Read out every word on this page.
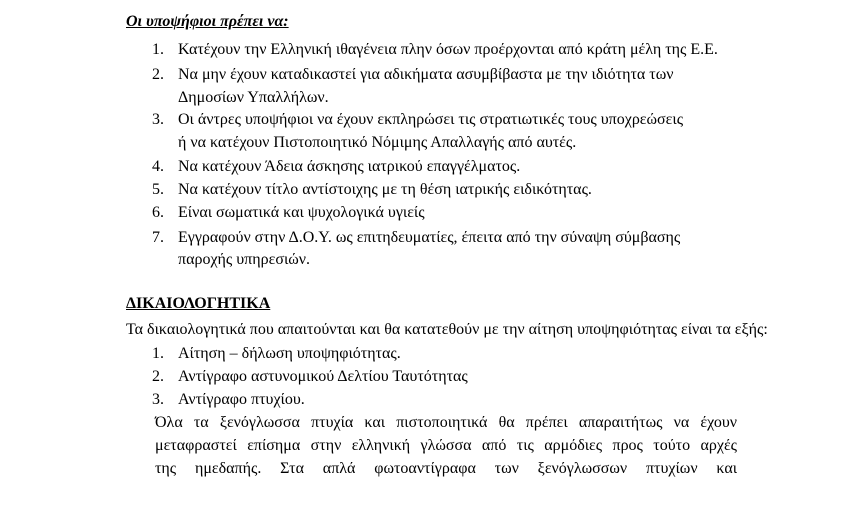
Οι υποψήφιοι πρέπει να:
1. Κατέχουν την Ελληνική ιθαγένεια πλην όσων προέρχονται από κράτη μέλη της Ε.Ε.
2. Να μην έχουν καταδικαστεί για αδικήματα ασυμβίβαστα με την ιδιότητα των
Δημοσίων Υπαλλήλων.
3. Οι άντρες υποψήφιοι να έχουν εκπληρώσει τις στρατιωτικές τους υποχρεώσεις
ή να κατέχουν Πιστοποιητικό Νόμιμης Απαλλαγής από αυτές.
4. Να κατέχουν Άδεια άσκησης ιατρικού επαγγέλματος.
5. Να κατέχουν τίτλο αντίστοιχης με τη θέση ιατρικής ειδικότητας.
6. Είναι σωματικά και ψυχολογικά υγιείς
7. Εγγραφούν στην Δ.Ο.Υ. ως επιτηδευματίες, έπειτα από την σύναψη σύμβασης
παροχής υπηρεσιών.
ΔΙΚΑΙΟΛΟΓΗΤΙΚΑ
Τα δικαιολογητικά που απαιτούνται και θα κατατεθούν με την αίτηση υποψηφιότητας είναι τα εξής:
1. Αίτηση – δήλωση υποψηφιότητας.
2. Αντίγραφο αστυνομικού Δελτίου Ταυτότητας
3. Αντίγραφο πτυχίου.
Όλα τα ξενόγλωσσα πτυχία και πιστοποιητικά θα πρέπει απαραιτήτως να έχουν
μεταφραστεί επίσημα στην ελληνική γλώσσα από τις αρμόδιες προς τούτο αρχές
της ημεδαπής. Στα απλά φωτοαντίγραφα των ξενόγλωσσων πτυχίων και
